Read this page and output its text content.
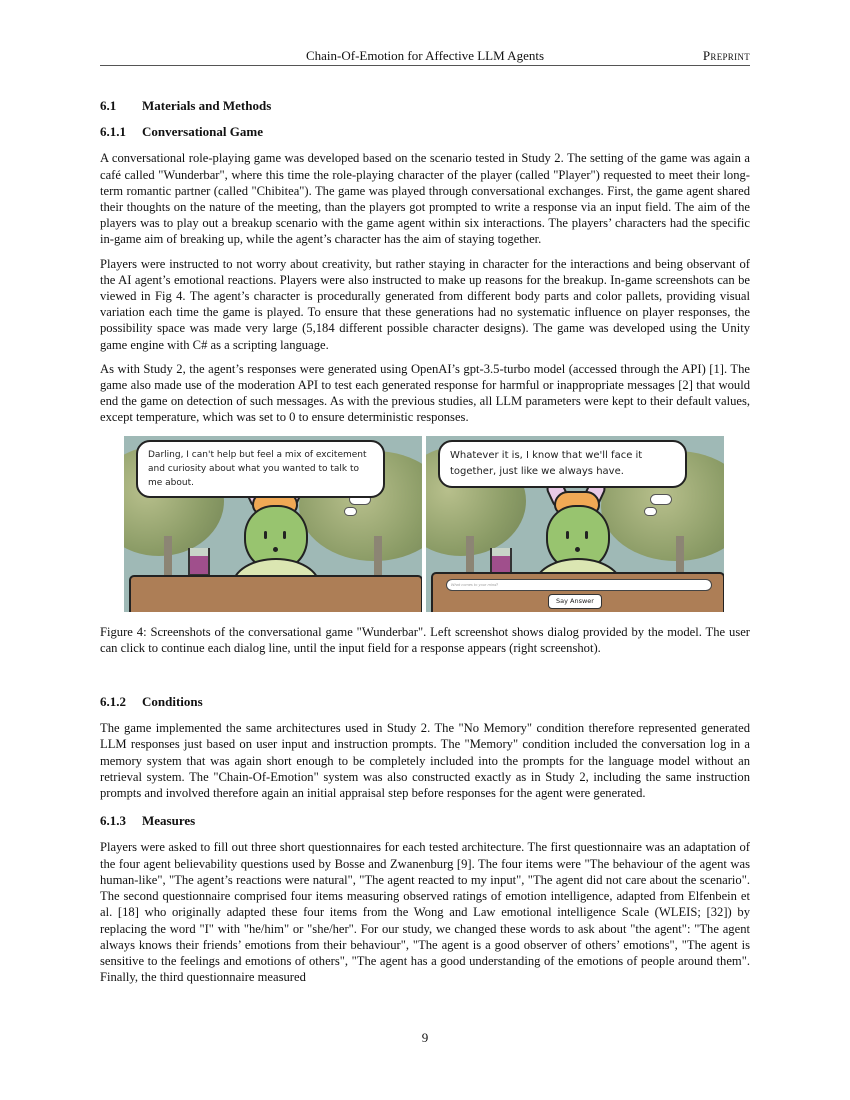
Chain-Of-Emotion for Affective LLM Agents	Preprint
6.1 Materials and Methods
6.1.1 Conversational Game

A conversational role-playing game was developed based on the scenario tested in Study 2. The setting of the game was again a café called "Wunderbar", where this time the role-playing character of the player (called "Player") requested to meet their long-term romantic partner (called "Chibitea"). The game was played through conversational exchanges. First, the game agent shared their thoughts on the nature of the meeting, than the players got prompted to write a response via an input field. The aim of the players was to play out a breakup scenario with the game agent within six interactions. The players’ characters had the specific in-game aim of breaking up, while the agent’s character has the aim of staying together.

Players were instructed to not worry about creativity, but rather staying in character for the interactions and being observant of the AI agent’s emotional reactions. Players were also instructed to make up reasons for the breakup. In-game screenshots can be viewed in Fig 4. The agent’s character is procedurally generated from different body parts and color pallets, providing visual variation each time the game is played. To ensure that these generations had no systematic influence on player responses, the possibility space was made very large (5,184 different possible character designs). The game was developed using the Unity game engine with C# as a scripting language.

As with Study 2, the agent’s responses were generated using OpenAI’s gpt-3.5-turbo model (accessed through the API) [1]. The game also made use of the moderation API to test each generated response for harmful or inappropriate messages [2] that would end the game on detection of such messages. As with the previous studies, all LLM parameters were kept to their default values, except temperature, which was set to 0 to ensure deterministic responses.

Darling, I can't help but feel a mix of excitement and curiosity about what you wanted to talk to me about.
Whatever it is, I know that we'll face it together, just like we always have.
What comes to your mind?
Say Answer

Figure 4: Screenshots of the conversational game "Wunderbar". Left screenshot shows dialog provided by the model. The user can click to continue each dialog line, until the input field for a response appears (right screenshot).

6.1.2 Conditions

The game implemented the same architectures used in Study 2. The "No Memory" condition therefore represented generated LLM responses just based on user input and instruction prompts. The "Memory" condition included the conversation log in a memory system that was again short enough to be completely included into the prompts for the language model without an retrieval system. The "Chain-Of-Emotion" system was also constructed exactly as in Study 2, including the same instruction prompts and involved therefore again an initial appraisal step before responses for the agent were generated.

6.1.3 Measures

Players were asked to fill out three short questionnaires for each tested architecture. The first questionnaire was an adaptation of the four agent believability questions used by Bosse and Zwanenburg [9]. The four items were "The behaviour of the agent was human-like", "The agent’s reactions were natural", "The agent reacted to my input", "The agent did not care about the scenario". The second questionnaire comprised four items measuring observed ratings of emotion intelligence, adapted from Elfenbein et al. [18] who originally adapted these four items from the Wong and Law emotional intelligence Scale (WLEIS; [32]) by replacing the word "I" with "he/him" or "she/her". For our study, we changed these words to ask about "the agent": "The agent always knows their friends’ emotions from their behaviour", "The agent is a good observer of others’ emotions", "The agent is sensitive to the feelings and emotions of others", "The agent has a good understanding of the emotions of people around them". Finally, the third questionnaire measured

9
